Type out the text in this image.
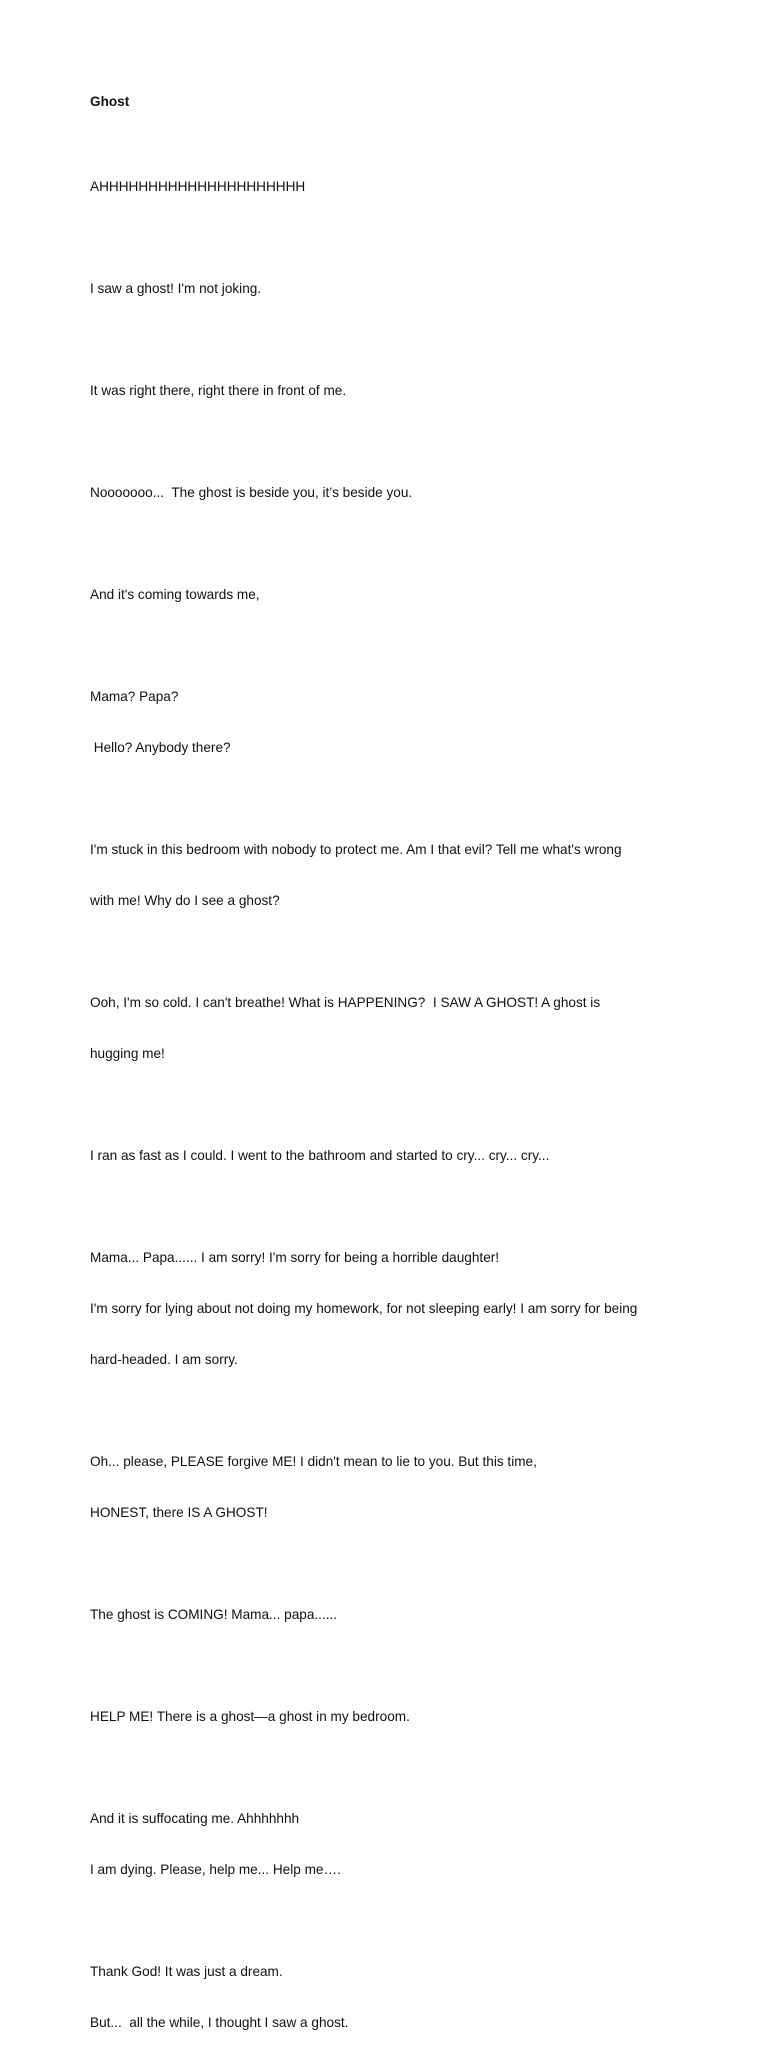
Ghost

AHHHHHHHHHHHHHHHHHHHHH

I saw a ghost! I'm not joking.

It was right there, right there in front of me.

Nooooooo...  The ghost is beside you, it’s beside you.

And it's coming towards me,

Mama? Papa?

Hello? Anybody there?

I'm stuck in this bedroom with nobody to protect me. Am I that evil? Tell me what's wrong

with me! Why do I see a ghost?

Ooh, I'm so cold. I can't breathe! What is HAPPENING?  I SAW A GHOST! A ghost is

hugging me!

I ran as fast as I could. I went to the bathroom and started to cry... cry... cry...

Mama... Papa...... I am sorry! I'm sorry for being a horrible daughter!

I'm sorry for lying about not doing my homework, for not sleeping early! I am sorry for being

hard-headed. I am sorry.

Oh... please, PLEASE forgive ME! I didn't mean to lie to you. But this time,

HONEST, there IS A GHOST!

The ghost is COMING! Mama... papa......

HELP ME! There is a ghost—a ghost in my bedroom.

And it is suffocating me. Ahhhhhhh

I am dying. Please, help me... Help me….

Thank God! It was just a dream.

But...  all the while, I thought I saw a ghost.
